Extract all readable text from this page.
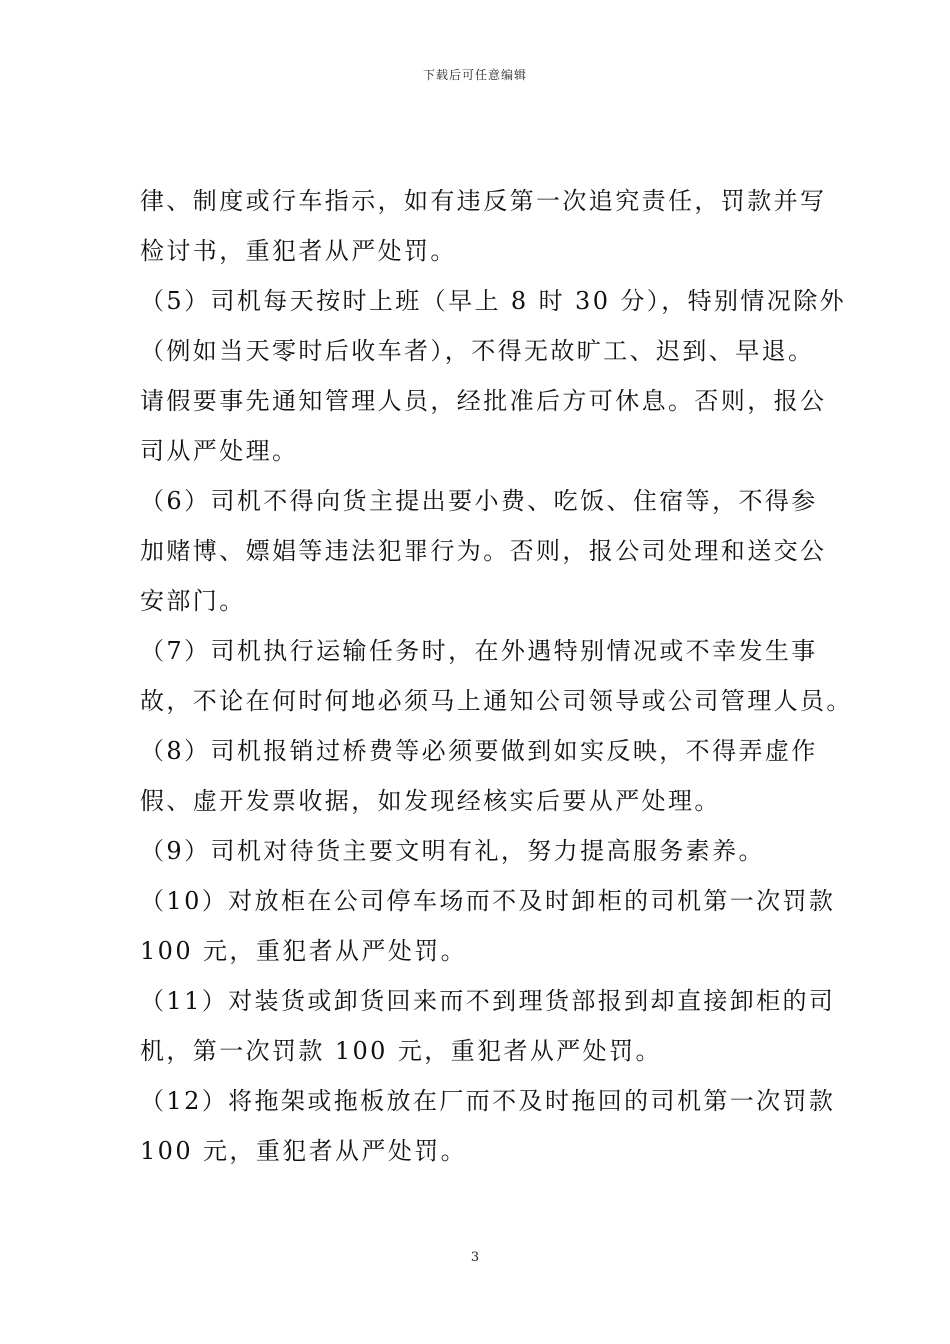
下载后可任意编辑
律、制度或行车指示，如有违反第一次追究责任，罚款并写
检讨书，重犯者从严处罚。
（5）司机每天按时上班（早上 8 时 30 分），特别情况除外
（例如当天零时后收车者），不得无故旷工、迟到、早退。
请假要事先通知管理人员，经批准后方可休息。否则，报公
司从严处理。
（6）司机不得向货主提出要小费、吃饭、住宿等，不得参
加赌博、嫖娼等违法犯罪行为。否则，报公司处理和送交公
安部门。
（7）司机执行运输任务时，在外遇特别情况或不幸发生事
故，不论在何时何地必须马上通知公司领导或公司管理人员。
（8）司机报销过桥费等必须要做到如实反映，不得弄虚作
假、虚开发票收据，如发现经核实后要从严处理。
（9）司机对待货主要文明有礼，努力提高服务素养。
（10）对放柜在公司停车场而不及时卸柜的司机第一次罚款
100 元，重犯者从严处罚。
（11）对装货或卸货回来而不到理货部报到却直接卸柜的司
机，第一次罚款 100 元，重犯者从严处罚。
（12）将拖架或拖板放在厂而不及时拖回的司机第一次罚款
100 元，重犯者从严处罚。
3
